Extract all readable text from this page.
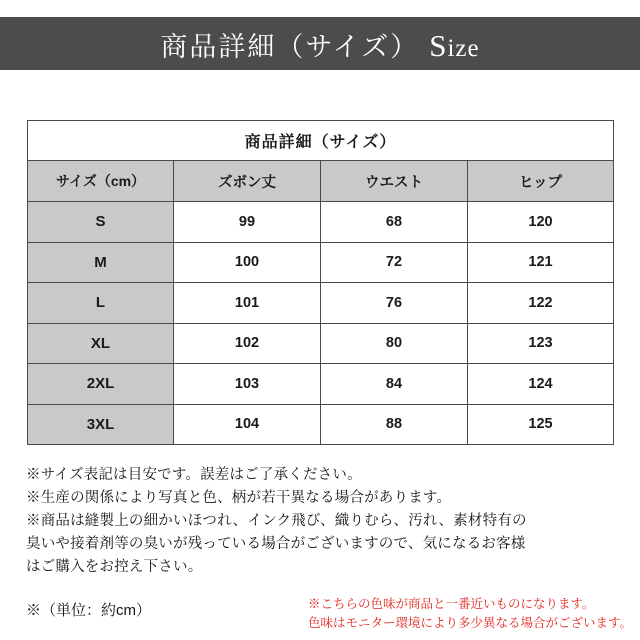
商品詳細（サイズ） Size
商品詳細（サイズ）			
サイズ（cm）	ズボン丈	ウエスト	ヒップ
S	99	68	120
M	100	72	121
L	101	76	122
XL	102	80	123
2XL	103	84	124
3XL	104	88	125
※サイズ表記は目安です。誤差はご了承ください。
※生産の関係により写真と色、柄が若干異なる場合があります。
※商品は縫製上の細かいほつれ、インク飛び、織りむら、汚れ、素材特有の
臭いや接着剤等の臭いが残っている場合がございますので、気になるお客様
はご購入をお控え下さい。
※（単位：約cm）	※こちらの色味が商品と一番近いものになります。
色味はモニター環境により多少異なる場合がございます。
